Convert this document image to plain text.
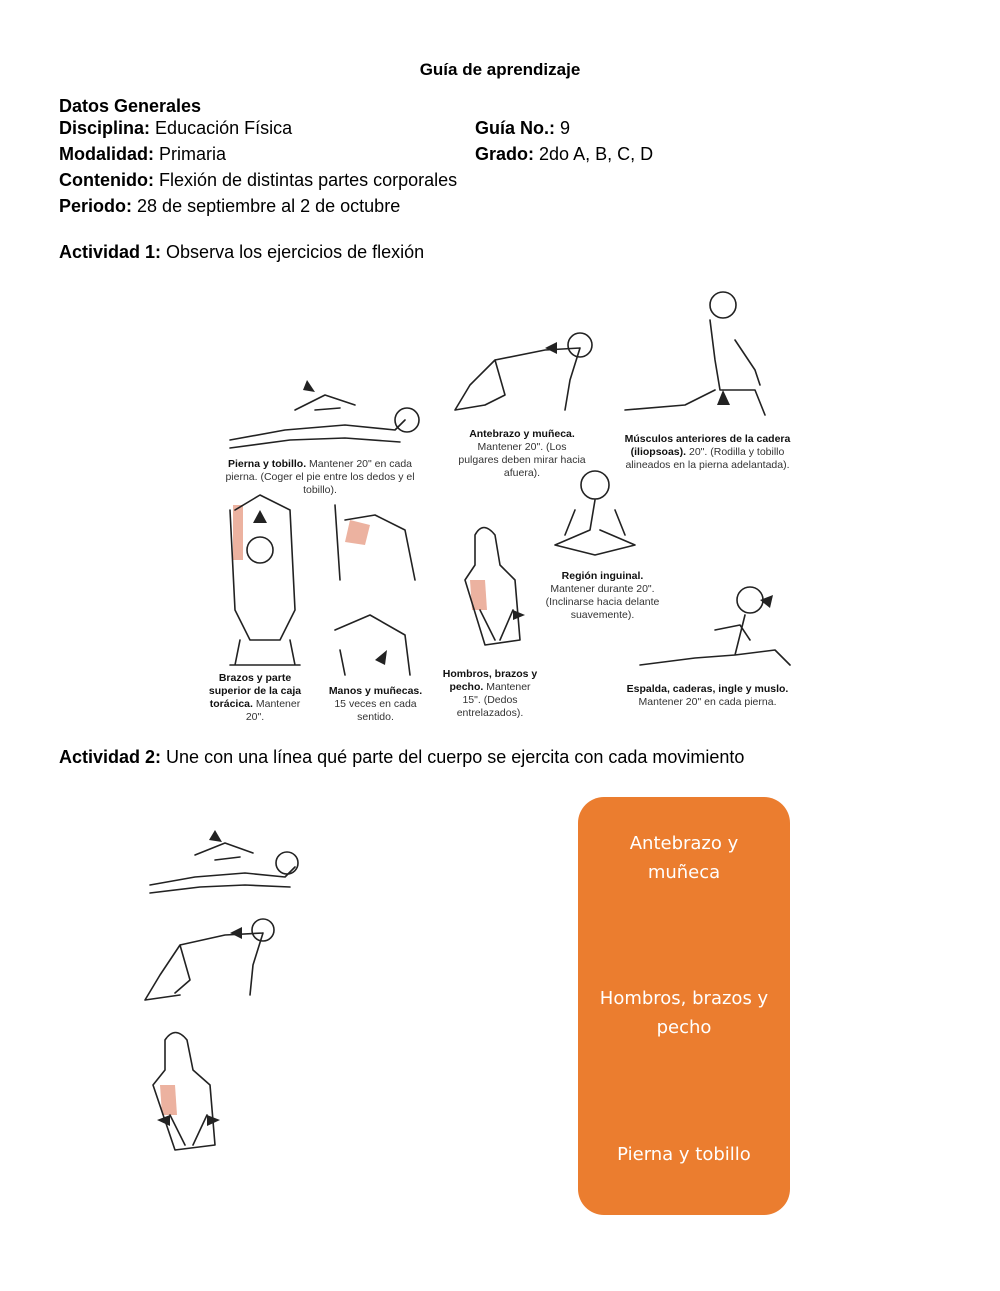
Guía de aprendizaje
Datos Generales
Disciplina: Educación Física	Guía No.: 9
Modalidad: Primaria	Grado: 2do A, B, C, D
Contenido: Flexión de distintas partes corporales
Periodo: 28 de septiembre al 2 de octubre
Actividad 1: Observa los ejercicios de flexión
Pierna y tobillo. Mantener 20" en cada pierna. (Coger el pie entre los dedos y el tobillo).
Antebrazo y muñeca. Mantener 20". (Los pulgares deben mirar hacia afuera).
Músculos anteriores de la cadera (iliopsoas). 20". (Rodilla y tobillo alineados en la pierna adelantada).
Región inguinal. Mantener durante 20". (Inclinarse hacia delante suavemente).
Brazos y parte superior de la caja torácica. Mantener 20".
Manos y muñecas. 15 veces en cada sentido.
Hombros, brazos y pecho. Mantener 15". (Dedos entrelazados).
Espalda, caderas, ingle y muslo. Mantener 20" en cada pierna.
Actividad 2: Une con una línea qué parte del cuerpo se ejercita con cada movimiento
Antebrazo y muñeca
Hombros, brazos y pecho
Pierna y tobillo
